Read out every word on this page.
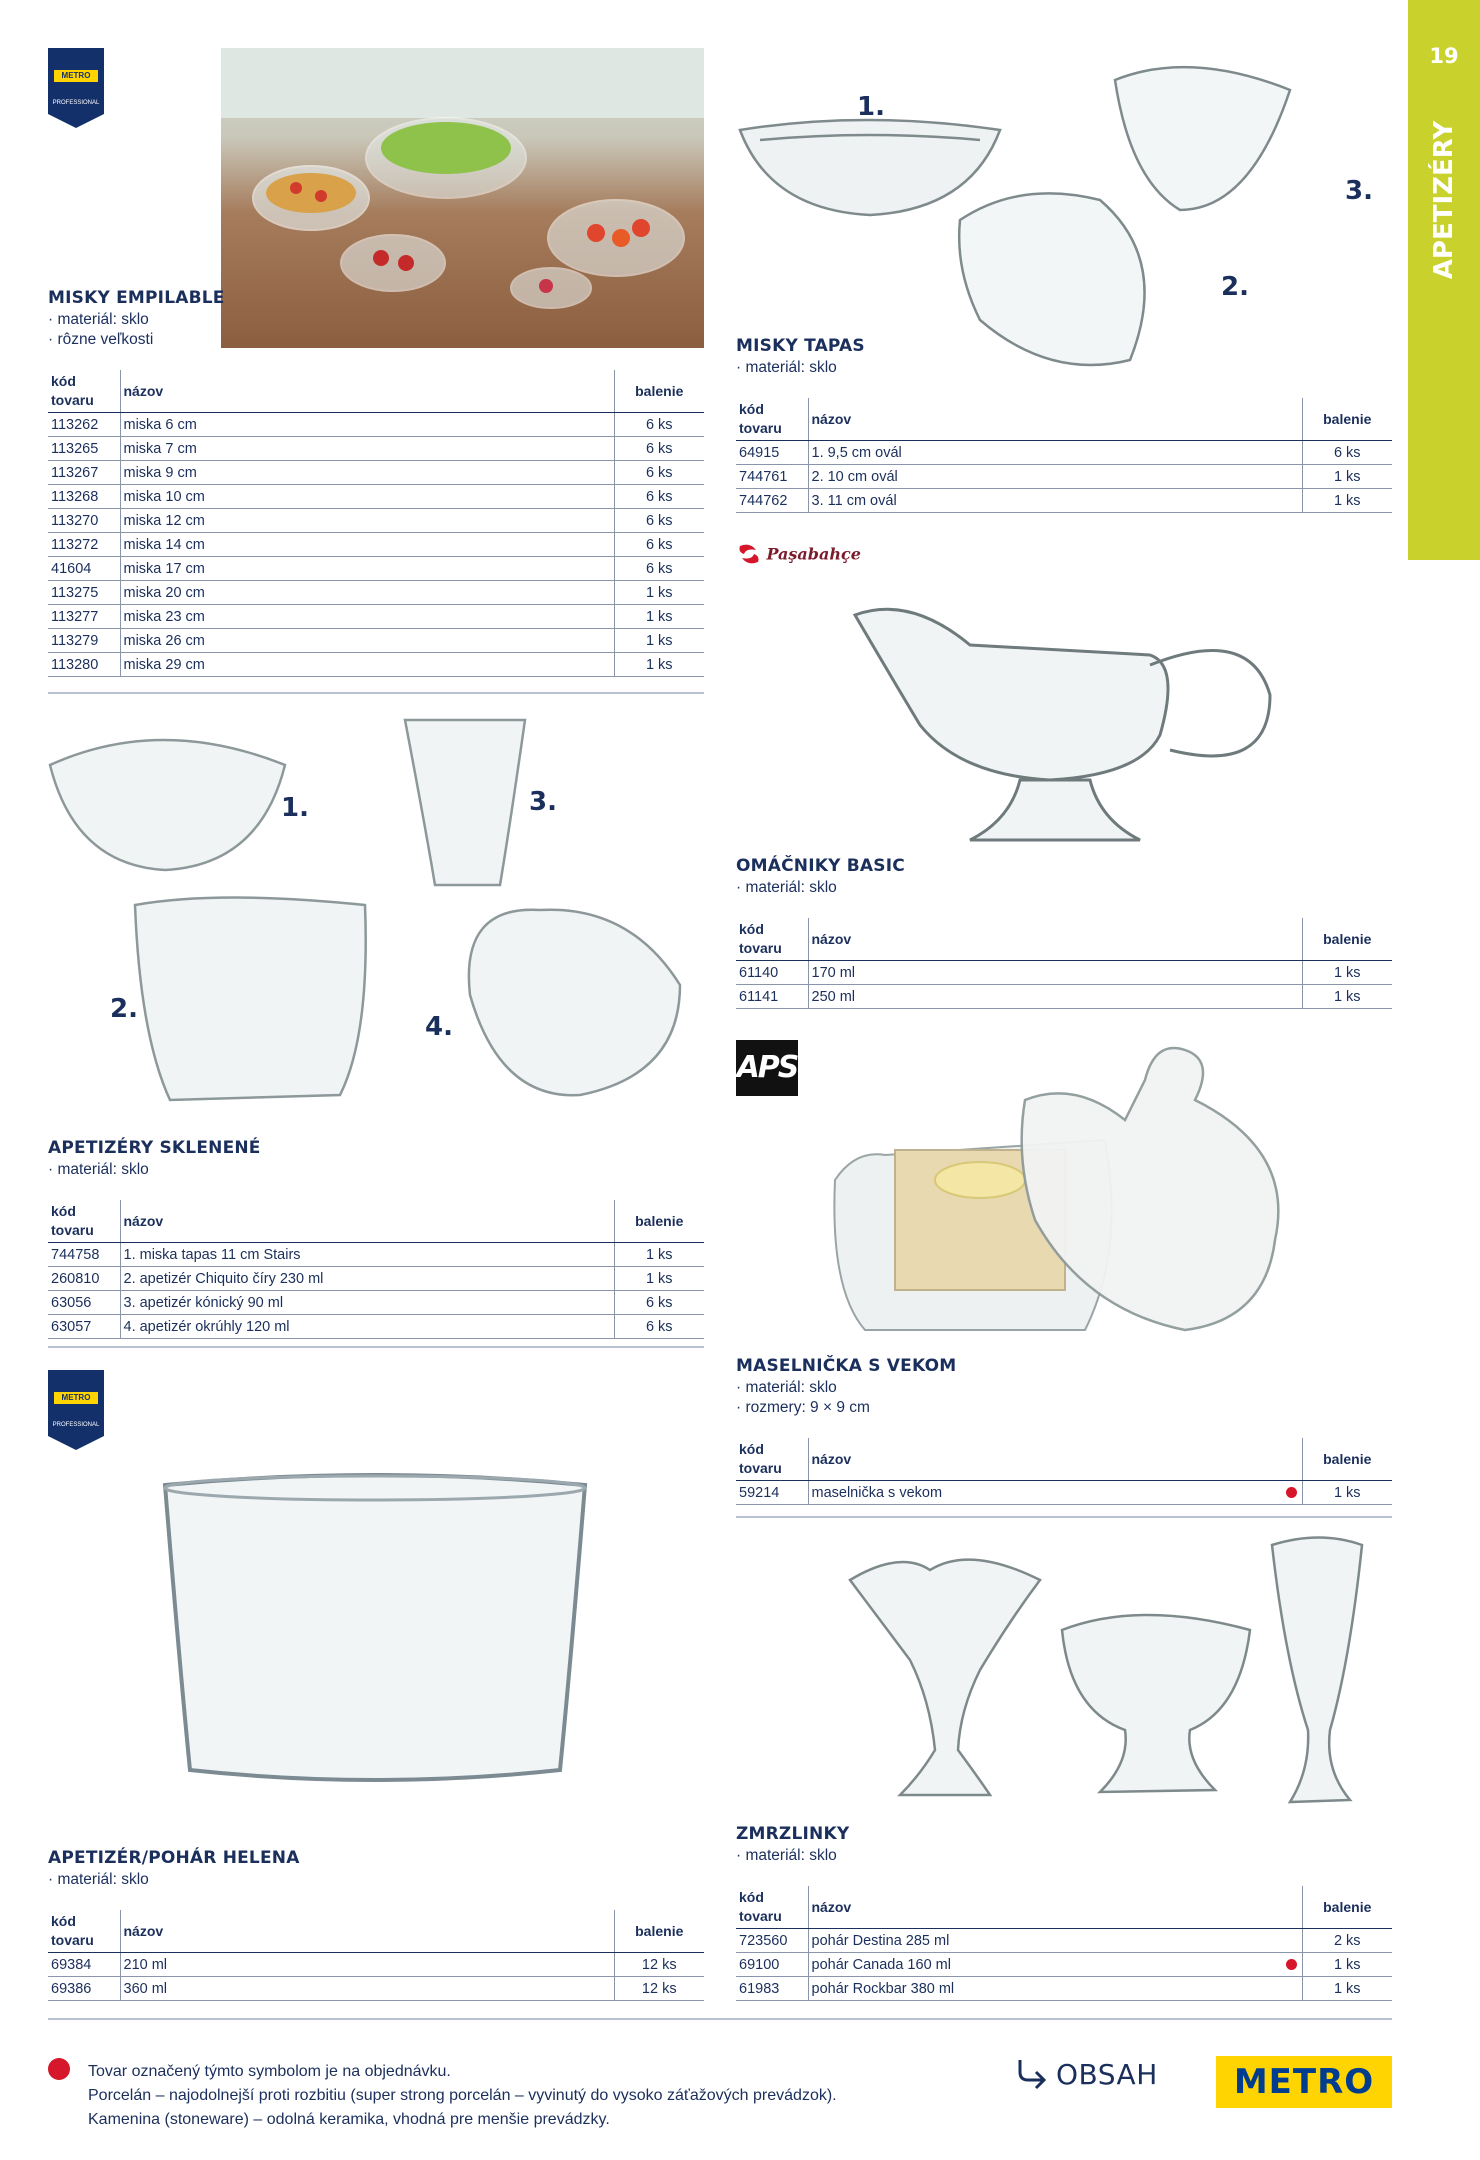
19
APETIZÉRY
METRO
PROFESSIONAL
MISKY EMPILABLE
· materiál: sklo
· rôzne veľkosti
kód tovaru	názov	balenie
113262	miska 6 cm	6 ks
113265	miska 7 cm	6 ks
113267	miska 9 cm	6 ks
113268	miska 10 cm	6 ks
113270	miska 12 cm	6 ks
113272	miska 14 cm	6 ks
41604	miska 17 cm	6 ks
113275	miska 20 cm	1 ks
113277	miska 23 cm	1 ks
113279	miska 26 cm	1 ks
113280	miska 29 cm	1 ks
1.
2.
3.
MISKY TAPAS
· materiál: sklo
kód tovaru	názov	balenie
64915	1. 9,5 cm ovál	6 ks
744761	2. 10 cm ovál	1 ks
744762	3. 11 cm ovál	1 ks
Paşabahçe
OMÁČNIKY BASIC
· materiál: sklo
kód tovaru	názov	balenie
61140	170 ml	1 ks
61141	250 ml	1 ks
APS
MASELNIČKA S VEKOM
· materiál: sklo
· rozmery: 9 × 9 cm
kód tovaru	názov	balenie
59214	maselnička s vekom	1 ks
1.
2.
3.
4.
APETIZÉRY SKLENENÉ
· materiál: sklo
kód tovaru	názov	balenie
744758	1. miska tapas 11 cm Stairs	1 ks
260810	2. apetizér Chiquito číry 230 ml	1 ks
63056	3. apetizér kónický 90 ml	6 ks
63057	4. apetizér okrúhly 120 ml	6 ks
METRO
PROFESSIONAL
APETIZÉR/POHÁR HELENA
· materiál: sklo
kód tovaru	názov	balenie
69384	210 ml	12 ks
69386	360 ml	12 ks
ZMRZLINKY
· materiál: sklo
kód tovaru	názov	balenie
723560	pohár Destina 285 ml	2 ks
69100	pohár Canada 160 ml	1 ks
61983	pohár Rockbar 380 ml	1 ks
Tovar označený týmto symbolom je na objednávku.
Porcelán – najodolnejší proti rozbitiu (super strong porcelán – vyvinutý do vysoko záťažových prevádzok).
Kamenina (stoneware) – odolná keramika, vhodná pre menšie prevádzky.
OBSAH METRO
